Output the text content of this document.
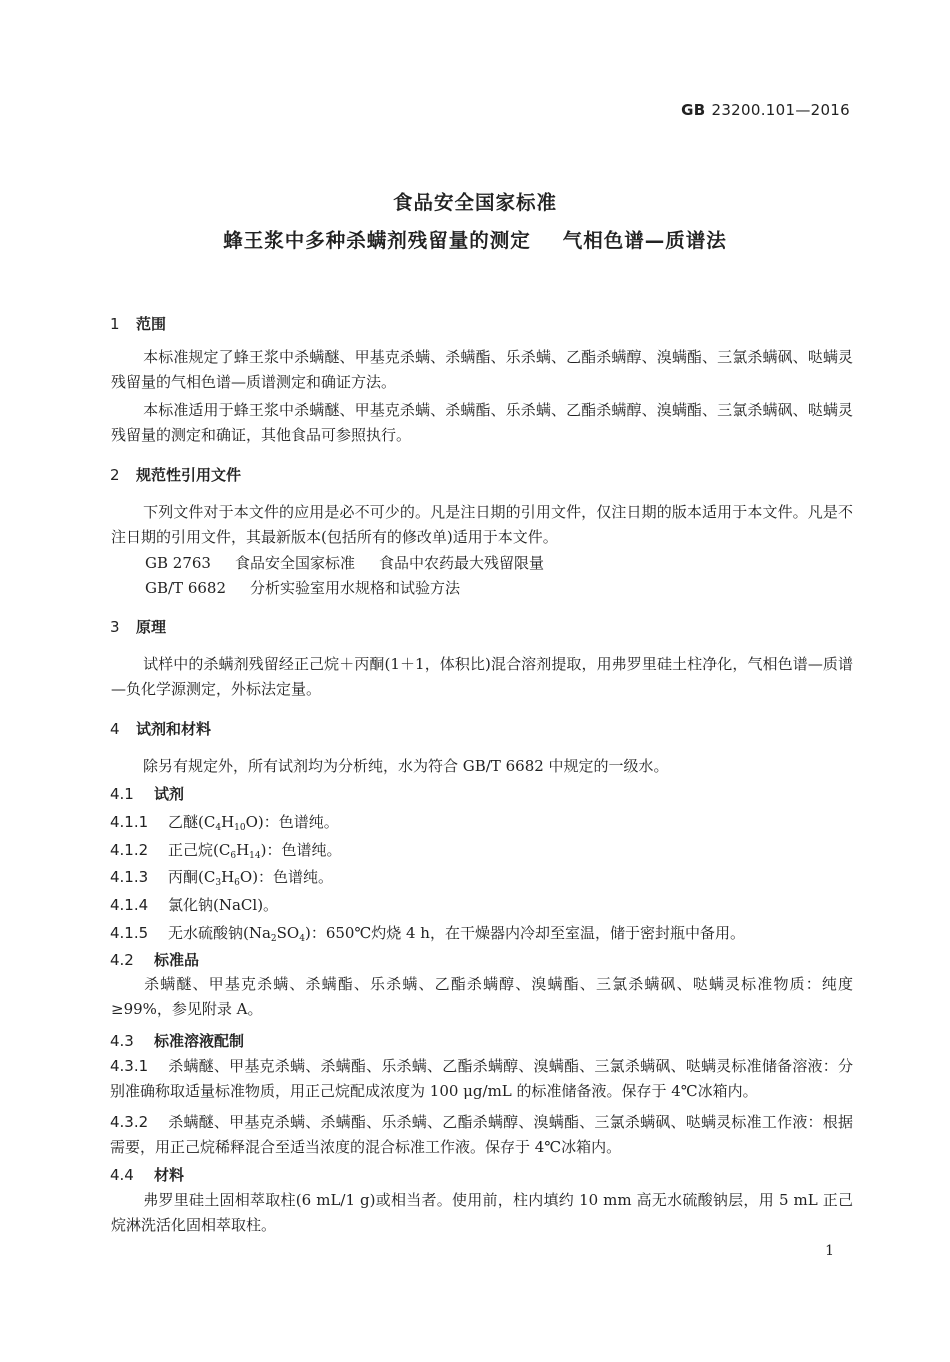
GB 23200.101—2016
食品安全国家标准
蜂王浆中多种杀螨剂残留量的测定 气相色谱—质谱法
1 范围
本标准规定了蜂王浆中杀螨醚、甲基克杀螨、杀螨酯、乐杀螨、乙酯杀螨醇、溴螨酯、三氯杀螨砜、哒螨灵残留量的气相色谱—质谱测定和确证方法。
本标准适用于蜂王浆中杀螨醚、甲基克杀螨、杀螨酯、乐杀螨、乙酯杀螨醇、溴螨酯、三氯杀螨砜、哒螨灵残留量的测定和确证，其他食品可参照执行。
2 规范性引用文件
下列文件对于本文件的应用是必不可少的。凡是注日期的引用文件，仅注日期的版本适用于本文件。凡是不注日期的引用文件，其最新版本(包括所有的修改单)适用于本文件。
GB 2763 食品安全国家标准 食品中农药最大残留限量
GB/T 6682 分析实验室用水规格和试验方法
3 原理
试样中的杀螨剂残留经正己烷＋丙酮(1＋1，体积比)混合溶剂提取，用弗罗里硅土柱净化，气相色谱—质谱—负化学源测定，外标法定量。
4 试剂和材料
除另有规定外，所有试剂均为分析纯，水为符合 GB/T 6682 中规定的一级水。
4.1 试剂
4.1.1 乙醚$(C_4H_{10}O)$：色谱纯。
4.1.2 正己烷$(C_6H_{14})$：色谱纯。
4.1.3 丙酮$(C_3H_6O)$：色谱纯。
4.1.4 氯化钠(NaCl)。
4.1.5 无水硫酸钠$(Na_2SO_4)$：650℃灼烧 4 h，在干燥器内冷却至室温，储于密封瓶中备用。
4.2 标准品
杀螨醚、甲基克杀螨、杀螨酯、乐杀螨、乙酯杀螨醇、溴螨酯、三氯杀螨砜、哒螨灵标准物质：纯度≥99%，参见附录 A。
4.3 标准溶液配制
4.3.1 杀螨醚、甲基克杀螨、杀螨酯、乐杀螨、乙酯杀螨醇、溴螨酯、三氯杀螨砜、哒螨灵标准储备溶液：分别准确称取适量标准物质，用正己烷配成浓度为 100 μg/mL 的标准储备液。保存于 4℃冰箱内。
4.3.2 杀螨醚、甲基克杀螨、杀螨酯、乐杀螨、乙酯杀螨醇、溴螨酯、三氯杀螨砜、哒螨灵标准工作液：根据需要，用正己烷稀释混合至适当浓度的混合标准工作液。保存于 4℃冰箱内。
4.4 材料
弗罗里硅土固相萃取柱(6 mL/1 g)或相当者。使用前，柱内填约 10 mm 高无水硫酸钠层，用 5 mL 正己烷淋洗活化固相萃取柱。
1
